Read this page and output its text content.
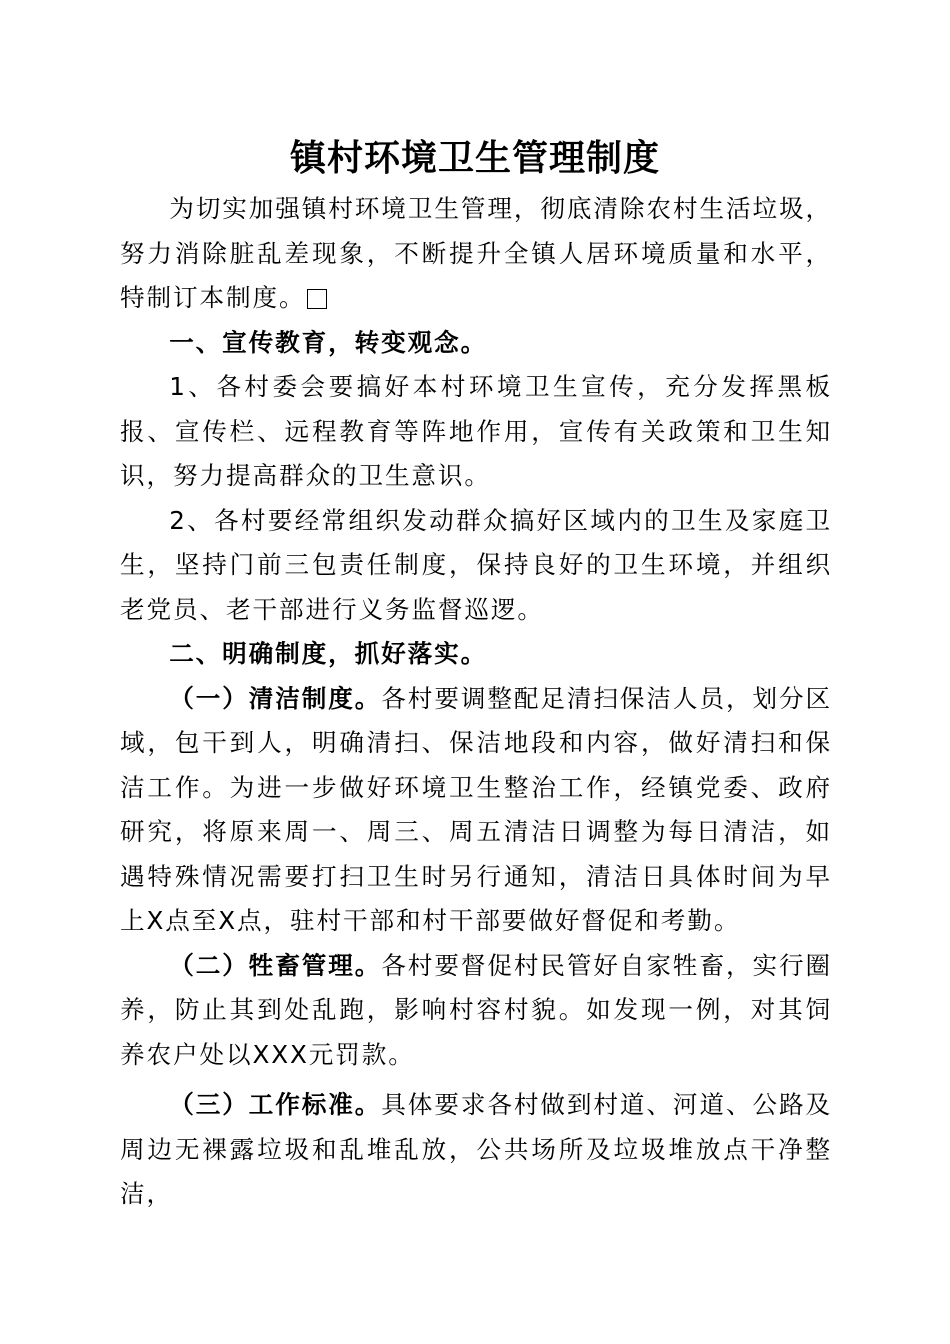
镇村环境卫生管理制度

为切实加强镇村环境卫生管理，彻底清除农村生活垃圾，努力消除脏乱差现象，不断提升全镇人居环境质量和水平，特制订本制度。

一、宣传教育，转变观念。

1、各村委会要搞好本村环境卫生宣传，充分发挥黑板报、宣传栏、远程教育等阵地作用，宣传有关政策和卫生知识，努力提高群众的卫生意识。

2、各村要经常组织发动群众搞好区域内的卫生及家庭卫生，坚持门前三包责任制度，保持良好的卫生环境，并组织老党员、老干部进行义务监督巡逻。

二、明确制度，抓好落实。

（一）清洁制度。各村要调整配足清扫保洁人员，划分区域，包干到人，明确清扫、保洁地段和内容，做好清扫和保洁工作。为进一步做好环境卫生整治工作，经镇党委、政府研究，将原来周一、周三、周五清洁日调整为每日清洁，如遇特殊情况需要打扫卫生时另行通知，清洁日具体时间为早上X点至X点，驻村干部和村干部要做好督促和考勤。

（二）牲畜管理。各村要督促村民管好自家牲畜，实行圈养，防止其到处乱跑，影响村容村貌。如发现一例，对其饲养农户处以XXX元罚款。

（三）工作标准。具体要求各村做到村道、河道、公路及周边无裸露垃圾和乱堆乱放，公共场所及垃圾堆放点干净整洁，
